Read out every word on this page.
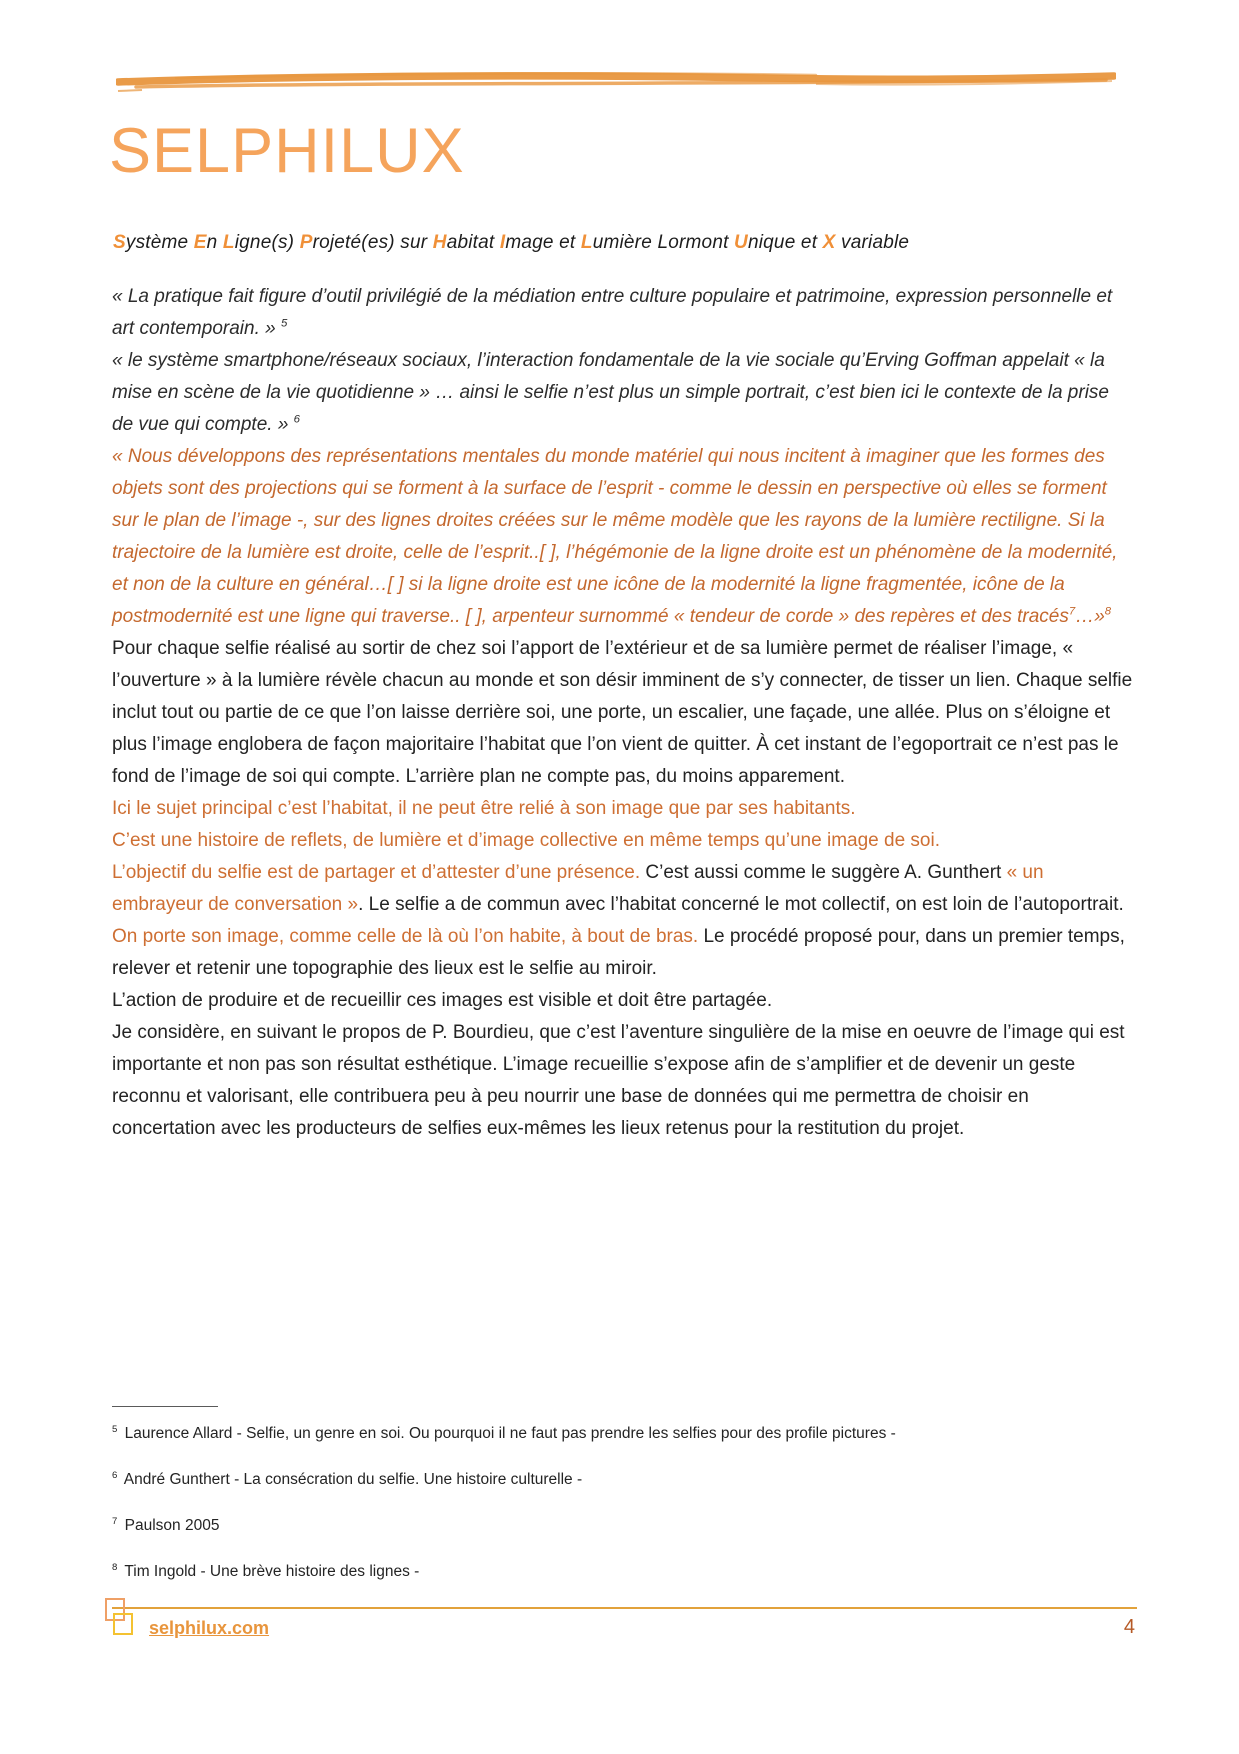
SELPHILUX

Système En Ligne(s) Projeté(es) sur Habitat Image et Lumière Lormont Unique et X variable

« La pratique fait figure d’outil privilégié de la médiation entre culture populaire et patrimoine, expression personnelle et art contemporain. » $^5$

« le système smartphone/réseaux sociaux, l’interaction fondamentale de la vie sociale qu’Erving Goffman appelait « la mise en scène de la vie quotidienne » … ainsi le selfie n’est plus un simple portrait, c’est bien ici le contexte de la prise de vue qui compte. » $^6$

« Nous développons des représentations mentales du monde matériel qui nous incitent à imaginer que les formes des objets sont des projections qui se forment à la surface de l’esprit - comme le dessin en perspective où elles se forment sur le plan de l’image -, sur des lignes droites créées sur le même modèle que les rayons de la lumière rectiligne. Si la trajectoire de la lumière est droite, celle de l’esprit..[ ], l’hégémonie de la ligne droite est un phénomène de la modernité, et non de la culture en général…[ ] si la ligne droite est une icône de la modernité la ligne fragmentée, icône de la postmodernité est une ligne qui traverse.. [ ], arpenteur surnommé « tendeur de corde » des repères et des tracés$^7$…»$^8$

Pour chaque selfie réalisé au sortir de chez soi l’apport de l’extérieur et de sa lumière permet de réaliser l’image, « l’ouverture » à la lumière révèle chacun au monde et son désir imminent de s’y connecter, de tisser un lien. Chaque selfie inclut tout ou partie de ce que l’on laisse derrière soi, une porte, un escalier, une façade, une allée. Plus on s’éloigne et plus l’image englobera de façon majoritaire l’habitat que l’on vient de quitter. À cet instant de l’egoportrait ce n’est pas le fond de l’image de soi qui compte. L’arrière plan ne compte pas, du moins apparement.

Ici le sujet principal c’est l’habitat, il ne peut être relié à son image que par ses habitants.

C’est une histoire de reflets, de lumière et d’image collective en même temps qu’une image de soi.

L’objectif du selfie est de partager et d’attester d’une présence. C’est aussi comme le suggère A. Gunthert « un embrayeur de conversation ». Le selfie a de commun avec l’habitat concerné le mot collectif, on est loin de l’autoportrait. On porte son image, comme celle de là où l’on habite, à bout de bras. Le procédé proposé pour, dans un premier temps, relever et retenir une topographie des lieux est le selfie au miroir.

L’action de produire et de recueillir ces images est visible et doit être partagée.

Je considère, en suivant le propos de P. Bourdieu, que c’est l’aventure singulière de la mise en oeuvre de l’image qui est importante et non pas son résultat esthétique. L’image recueillie s’expose afin de s’amplifier et de devenir un geste reconnu et valorisant, elle contribuera peu à peu nourrir une base de données qui me permettra de choisir en concertation avec les producteurs de selfies eux-mêmes les lieux retenus pour la restitution du projet.

$^5$ Laurence Allard - Selfie, un genre en soi. Ou pourquoi il ne faut pas prendre les selfies pour des profile pictures -

$^6$ André Gunthert - La consécration du selfie. Une histoire culturelle -

$^7$ Paulson 2005

$^8$ Tim Ingold - Une brève histoire des lignes -

selphilux.com	4
